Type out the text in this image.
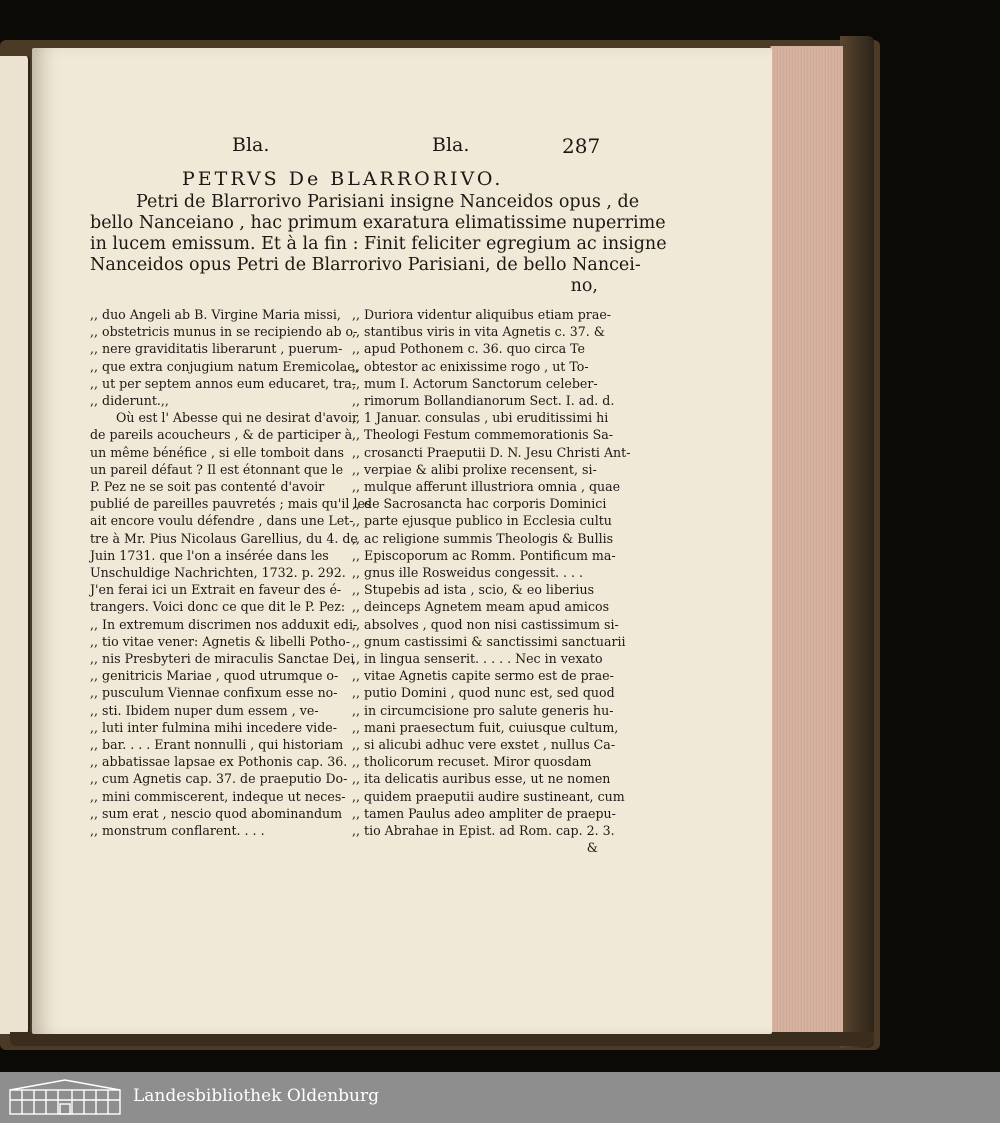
Bla.	Bla.	287
PETRVS De BLARRORIVO.
Petri de Blarrorivo Parisiani insigne Nanceidos opus , de
bello Nanceiano , hac primum exaratura elimatissime nuperrime
in lucem emissum. Et à la fin : Finit feliciter egregium ac insigne
Nanceidos opus Petri de Blarrorivo Parisiani, de bello Nancei-
no,
,, duo Angeli ab B. Virgine Maria missi,
,, obstetricis munus in se recipiendo ab o-
,, nere graviditatis liberarunt , puerum-
,, que extra conjugium natum Eremicolae,
,, ut per septem annos eum educaret, tra-
,, diderunt.,,
Où est l' Abesse qui ne desirat d'avoir
de pareils acoucheurs , & de participer à
un même bénéfice , si elle tomboit dans
un pareil défaut ? Il est étonnant que le
P. Pez ne se soit pas contenté d'avoir
publié de pareilles pauvretés ; mais qu'il les
ait encore voulu défendre , dans une Let-
tre à Mr. Pius Nicolaus Garellius, du 4. de
Juin 1731. que l'on a insérée dans les
Unschuldige Nachrichten, 1732. p. 292.
J'en ferai ici un Extrait en faveur des é-
trangers. Voici donc ce que dit le P. Pez:
,, In extremum discrimen nos adduxit edi-
,, tio vitae vener: Agnetis & libelli Potho-
,, nis Presbyteri de miraculis Sanctae Dei
,, genitricis Mariae , quod utrumque o-
,, pusculum Viennae confixum esse no-
,, sti. Ibidem nuper dum essem , ve-
,, luti inter fulmina mihi incedere vide-
,, bar. . . . Erant nonnulli , qui historiam
,, abbatissae lapsae ex Pothonis cap. 36.
,, cum Agnetis cap. 37. de praeputio Do-
,, mini commiscerent, indeque ut neces-
,, sum erat , nescio quod abominandum
,, monstrum conflarent. . . .
,, Duriora videntur aliquibus etiam prae-
,, stantibus viris in vita Agnetis c. 37. &
,, apud Pothonem c. 36. quo circa Te
,, obtestor ac enixissime rogo , ut To-
,, mum I. Actorum Sanctorum celeber-
,, rimorum Bollandianorum Sect. I. ad. d.
,, 1 Januar. consulas , ubi eruditissimi hi
,, Theologi Festum commemorationis Sa-
,, crosancti Praeputii D. N. Jesu Christi Ant-
,, verpiae & alibi prolixe recensent, si-
,, mulque afferunt illustriora omnia , quae
,, de Sacrosancta hac corporis Dominici
,, parte ejusque publico in Ecclesia cultu
,, ac religione summis Theologis & Bullis
,, Episcoporum ac Romm. Pontificum ma-
,, gnus ille Rosweidus congessit. . . .
,, Stupebis ad ista , scio, & eo liberius
,, deinceps Agnetem meam apud amicos
,, absolves , quod non nisi castissimum si-
,, gnum castissimi & sanctissimi sanctuarii
,, in lingua senserit. . . . . Nec in vexato
,, vitae Agnetis capite sermo est de prae-
,, putio Domini , quod nunc est, sed quod
,, in circumcisione pro salute generis hu-
,, mani praesectum fuit, cuiusque cultum,
,, si alicubi adhuc vere exstet , nullus Ca-
,, tholicorum recuset. Miror quosdam
,, ita delicatis auribus esse, ut ne nomen
,, quidem praeputii audire sustineant, cum
,, tamen Paulus adeo ampliter de praepu-
,, tio Abrahae in Epist. ad Rom. cap. 2. 3.
&
Landesbibliothek Oldenburg
